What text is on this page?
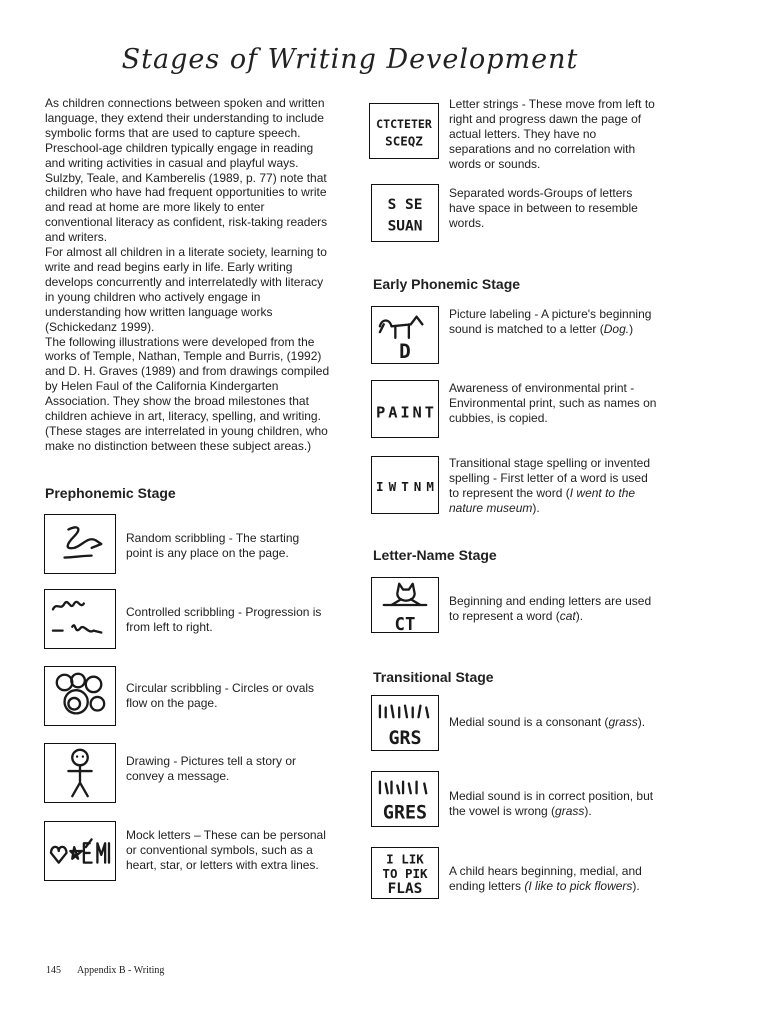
Stages of Writing Development

As children connections between spoken and written language, they extend their understanding to include symbolic forms that are used to capture speech. Preschool-age children typically engage in reading and writing activities in casual and playful ways. Sulzby, Teale, and Kamberelis (1989, p. 77) note that children who have had frequent opportunities to write and read at home are more likely to enter conventional literacy as confident, risk-taking readers and writers.

For almost all children in a literate society, learning to write and read begins early in life. Early writing develops concurrently and interrelatedly with literacy in young children who actively engage in understanding how written language works (Schickedanz 1999).

The following illustrations were developed from the works of Temple, Nathan, Temple and Burris, (1992) and D. H. Graves (1989) and from drawings compiled by Helen Faul of the California Kindergarten Association. They show the broad milestones that children achieve in art, literacy, spelling, and writing. (These stages are interrelated in young children, who make no distinction between these subject areas.)

Prephonemic Stage
Random scribbling - The starting point is any place on the page.
Controlled scribbling - Progression is from left to right.
Circular scribbling - Circles or ovals flow on the page.
Drawing - Pictures tell a story or convey a message.
Mock letters – These can be personal or conventional symbols, such as a heart, star, or letters with extra lines.
CTCTETER
SCEQZ
Letter strings - These move from left to right and progress dawn the page of actual letters. They have no separations and no correlation with words or sounds.
S SE
SUAN
Separated words-Groups of letters have space in between to resemble words.
Early Phonemic Stage
D
Picture labeling - A picture's beginning sound is matched to a letter (Dog.)
PAINT
Awareness of environmental print - Environmental print, such as names on cubbies, is copied.
IWTNM
Transitional stage spelling or invented spelling - First letter of a word is used to represent the word (I went to the nature museum).
Letter-Name Stage
CT
Beginning and ending letters are used to represent a word (cat).
Transitional Stage
GRS
Medial sound is a consonant (grass).
GRES
Medial sound is in correct position, but the vowel is wrong (grass).
I LIK
TO PIK
FLAS
A child hears beginning, medial, and ending letters (I like to pick flowers).
145 Appendix B - Writing
